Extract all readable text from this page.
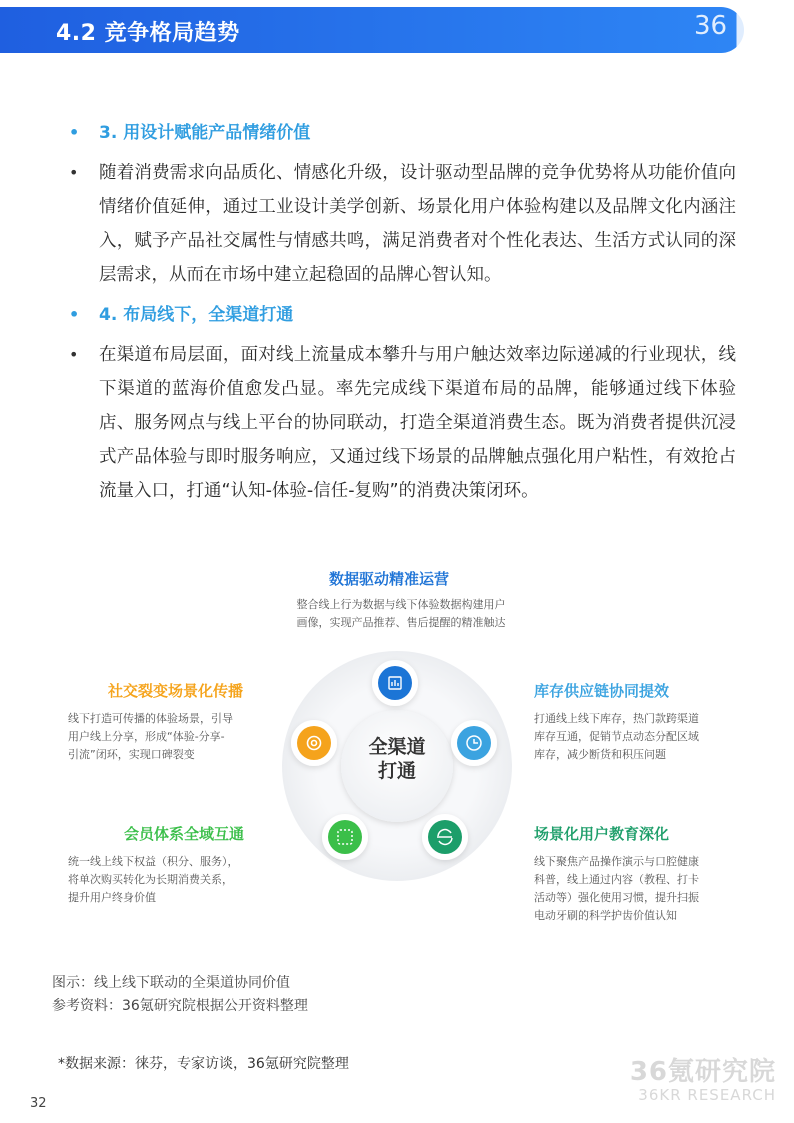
4.2 竞争格局趋势	36
• 3. 用设计赋能产品情绪价值
• 随着消费需求向品质化、情感化升级，设计驱动型品牌的竞争优势将从功能价值向情绪价值延伸，通过工业设计美学创新、场景化用户体验构建以及品牌文化内涵注入，赋予产品社交属性与情感共鸣，满足消费者对个性化表达、生活方式认同的深层需求，从而在市场中建立起稳固的品牌心智认知。
• 4. 布局线下，全渠道打通
• 在渠道布局层面，面对线上流量成本攀升与用户触达效率边际递减的行业现状，线下渠道的蓝海价值愈发凸显。率先完成线下渠道布局的品牌，能够通过线下体验店、服务网点与线上平台的协同联动，打造全渠道消费生态。既为消费者提供沉浸式产品体验与即时服务响应，又通过线下场景的品牌触点强化用户粘性，有效抢占流量入口，打通“认知-体验-信任-复购”的消费决策闭环。
全渠道
打通
数据驱动精准运营
整合线上行为数据与线下体验数据构建用户
画像，实现产品推荐、售后提醒的精准触达
库存供应链协同提效
打通线上线下库存，热门款跨渠道
库存互通，促销节点动态分配区域
库存，减少断货和积压问题
场景化用户教育深化
线下聚焦产品操作演示与口腔健康
科普，线上通过内容（教程、打卡
活动等）强化使用习惯，提升扫振
电动牙刷的科学护齿价值认知
会员体系全域互通
统一线上线下权益（积分、服务），
将单次购买转化为长期消费关系，
提升用户终身价值
社交裂变场景化传播
线下打造可传播的体验场景，引导
用户线上分享，形成“体验-分享-
引流”闭环，实现口碑裂变
图示：线上线下联动的全渠道协同价值
参考资料：36氪研究院根据公开资料整理
*数据来源：徕芬，专家访谈，36氪研究院整理
32
36氪研究院
36KR RESEARCH
